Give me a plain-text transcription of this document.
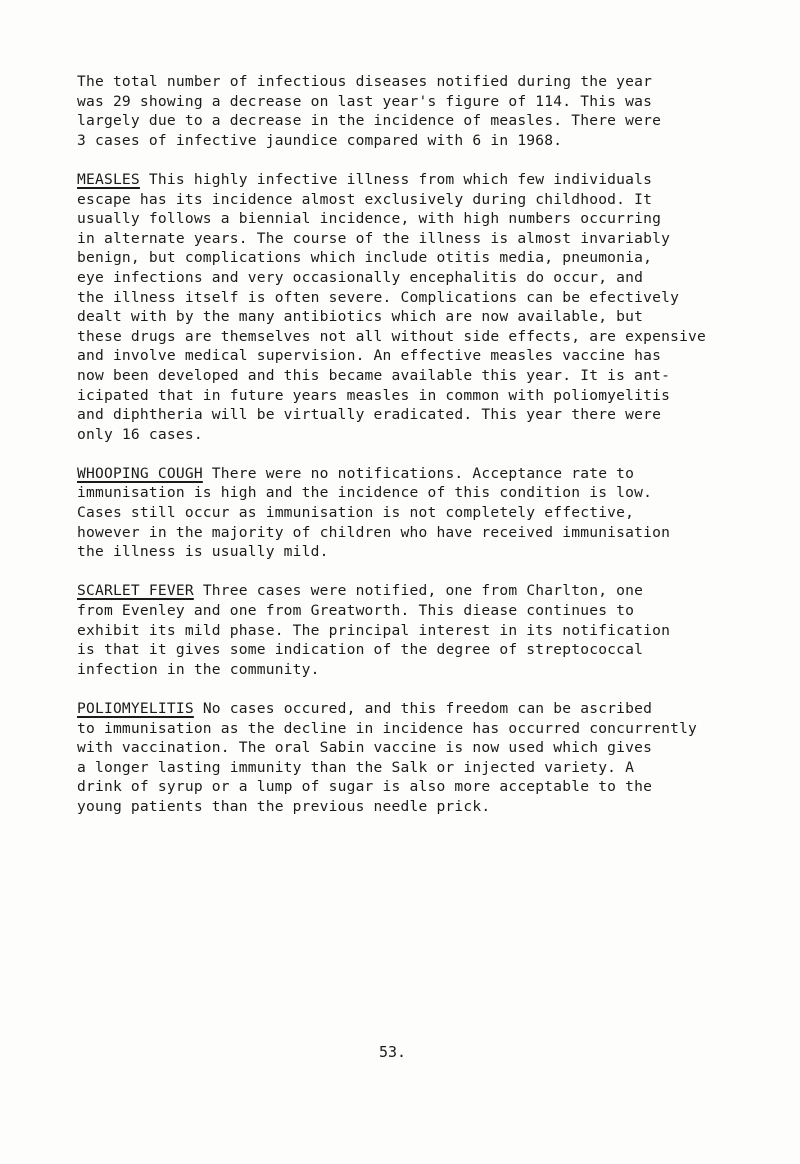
The total number of infectious diseases notified during the year
was 29 showing a decrease on last year's figure of 114. This was
largely due to a decrease in the incidence of measles. There were
3 cases of infective jaundice compared with 6 in 1968.
MEASLES This highly infective illness from which few individuals
escape has its incidence almost exclusively during childhood. It
usually follows a biennial incidence, with high numbers occurring
in alternate years. The course of the illness is almost invariably
benign, but complications which include otitis media, pneumonia,
eye infections and very occasionally encephalitis do occur, and
the illness itself is often severe. Complications can be efectively
dealt with by the many antibiotics which are now available, but
these drugs are themselves not all without side effects, are expensive
and involve medical supervision. An effective measles vaccine has
now been developed and this became available this year. It is ant-
icipated that in future years measles in common with poliomyelitis
and diphtheria will be virtually eradicated. This year there were
only 16 cases.
WHOOPING COUGH There were no notifications. Acceptance rate to
immunisation is high and the incidence of this condition is low.
Cases still occur as immunisation is not completely effective,
however in the majority of children who have received immunisation
the illness is usually mild.
SCARLET FEVER Three cases were notified, one from Charlton, one
from Evenley and one from Greatworth. This diease continues to
exhibit its mild phase. The principal interest in its notification
is that it gives some indication of the degree of streptococcal
infection in the community.
POLIOMYELITIS No cases occured, and this freedom can be ascribed
to immunisation as the decline in incidence has occurred concurrently
with vaccination. The oral Sabin vaccine is now used which gives
a longer lasting immunity than the Salk or injected variety. A
drink of syrup or a lump of sugar is also more acceptable to the
young patients than the previous needle prick.
53.
